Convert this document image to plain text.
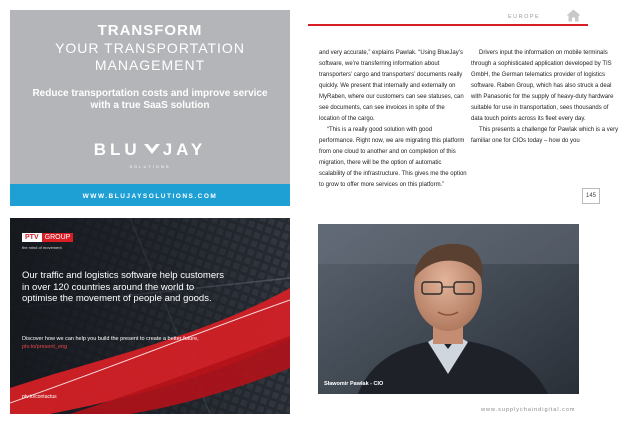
TRANSFORM
YOUR TRANSPORTATION
MANAGEMENT
Reduce transportation costs and improve service with a true SaaS solution
BLU JAY
SOLUTIONS
WWW.BLUJAYSOLUTIONS.COM
PTV GROUP
the mind of movement
Our traffic and logistics software help customers in over 120 countries around the world to optimise the movement of people and goods.
Discover how we can help you build the present to create a better future, ptv.to/present_eng
ptv.to/contactus
EUROPE

and very accurate,” explains Pawlak. “Using BlueJay’s software, we’re transferring information about transporters’ cargo and transporters’ documents really quickly. We present that internally and externally on MyRaben, where our customers can see statuses, can see documents, can see invoices in spite of the location of the cargo.

“This is a really good solution with good performance. Right now, we are migrating this platform from one cloud to another and on completion of this migration, there will be the option of automatic scalability of the infrastructure. This gives me the option to grow to offer more services on this platform.”

Drivers input the information on mobile terminals through a sophisticated application developed by TIS GmbH, the German telematics provider of logistics software. Raben Group, which has also struck a deal with Panasonic for the supply of heavy-duty hardware suitable for use in transportation, sees thousands of data touch points across its fleet every day.

This presents a challenge for Pawlak which is a very familiar one for CIOs today – how do you

145
Sławomir Pawlak - CIO
www.supplychaindigital.com
